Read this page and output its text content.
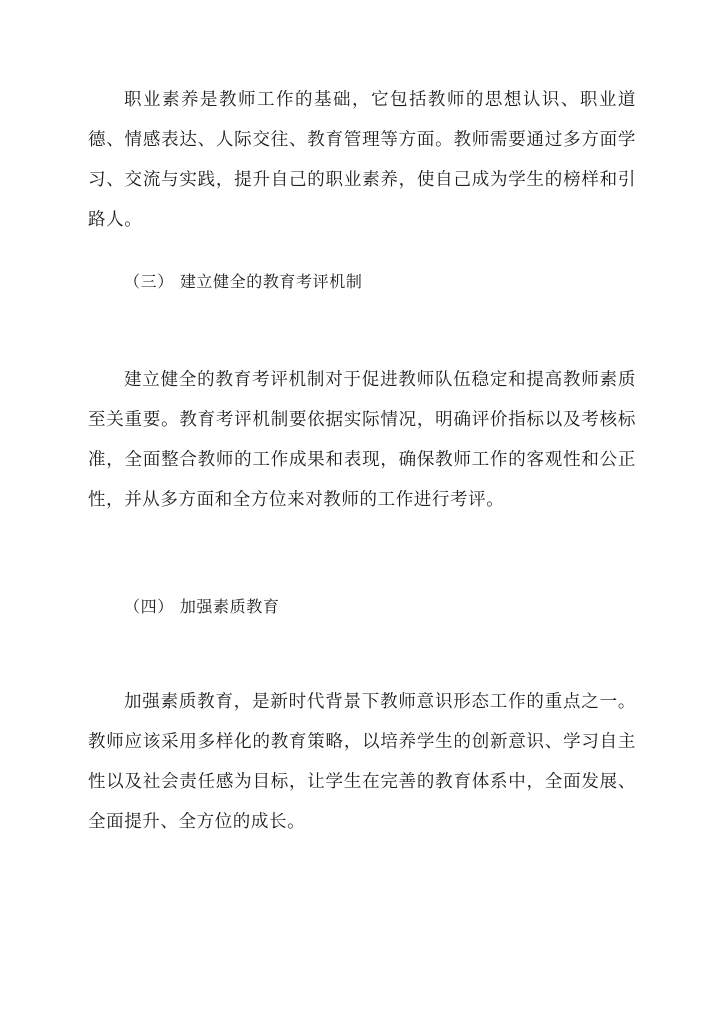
职业素养是教师工作的基础，它包括教师的思想认识、职业道德、情感表达、人际交往、教育管理等方面。教师需要通过多方面学习、交流与实践，提升自己的职业素养，使自己成为学生的榜样和引路人。

（三） 建立健全的教育考评机制

建立健全的教育考评机制对于促进教师队伍稳定和提高教师素质至关重要。教育考评机制要依据实际情况，明确评价指标以及考核标准，全面整合教师的工作成果和表现，确保教师工作的客观性和公正性，并从多方面和全方位来对教师的工作进行考评。

（四） 加强素质教育

加强素质教育，是新时代背景下教师意识形态工作的重点之一。教师应该采用多样化的教育策略，以培养学生的创新意识、学习自主性以及社会责任感为目标，让学生在完善的教育体系中，全面发展、全面提升、全方位的成长。
